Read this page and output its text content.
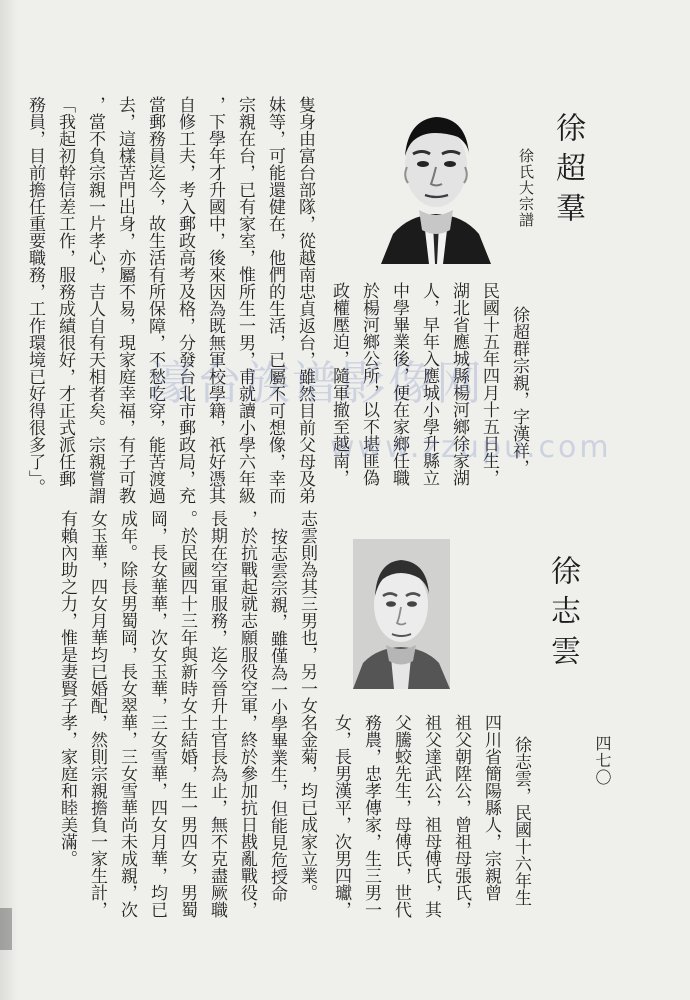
徐超羣
徐氏大宗譜
徐超群宗親，字漢祥，
民國十五年四月十五日生，
湖北省應城縣楊河鄉徐家湖
人，早年入應城小學升縣立
中學畢業後，便在家鄉任職
於楊河鄉公所，以不堪匪偽
政權壓迫，隨軍撤至越南，
隻身由富台部隊，從越南忠貞返台，雖然目前父母及弟
妹等，可能還健在，他們的生活，已屬不可想像，幸而
宗親在台，已有家室，惟所生一男，甫就讀小學六年級
，下學年才升國中，後來因為既無軍校學籍，祇好憑其
自修工夫，考入郵政高考及格，分發台北市郵政局，充
當郵務員迄今，故生活有所保障，不愁吃穿，能苦渡過
去，這樣苦門出身，亦屬不易，現家庭幸福，有子可教
，當不負宗親一片孝心，吉人自有天相者矣。宗親嘗謂
「我起初幹信差工作，服務成績很好，才正式派任郵
務員，目前擔任重要職務，工作環境已好得很多了」。
徐志雲
四七〇
徐志雲，民國十六年生
四川省簡陽縣人，宗親曾
祖父朝陞公，曾祖母張氏，
祖父達武公，祖母傅氏，其
父騰蛟先生，母傅氏，世代
務農，忠孝傳家，生三男一
女，長男漢平，次男四瓛，
志雲則為其三男也，另一女名金菊，均已成家立業。
按志雲宗親，雖僅為一小學畢業生，但能見危授命
，於抗戰起就志願服役空軍，終於參加抗日戡亂戰役，
長期在空軍服務，迄今晉升士官長為止，無不克盡厥職
。於民國四十三年與新時女士結婚，生一男四女，男蜀
岡，長女華華，次女玉華，三女雪華，四女月華，均已
成年。除長男蜀岡，長女翠華，三女雪華尚未成親，次
女玉華，四女月華均已婚配，然則宗親擔負一家生計，
有賴內助之力，惟是妻賢子孝，家庭和睦美滿。
濠台族谱影像网
www.zzupu.com
